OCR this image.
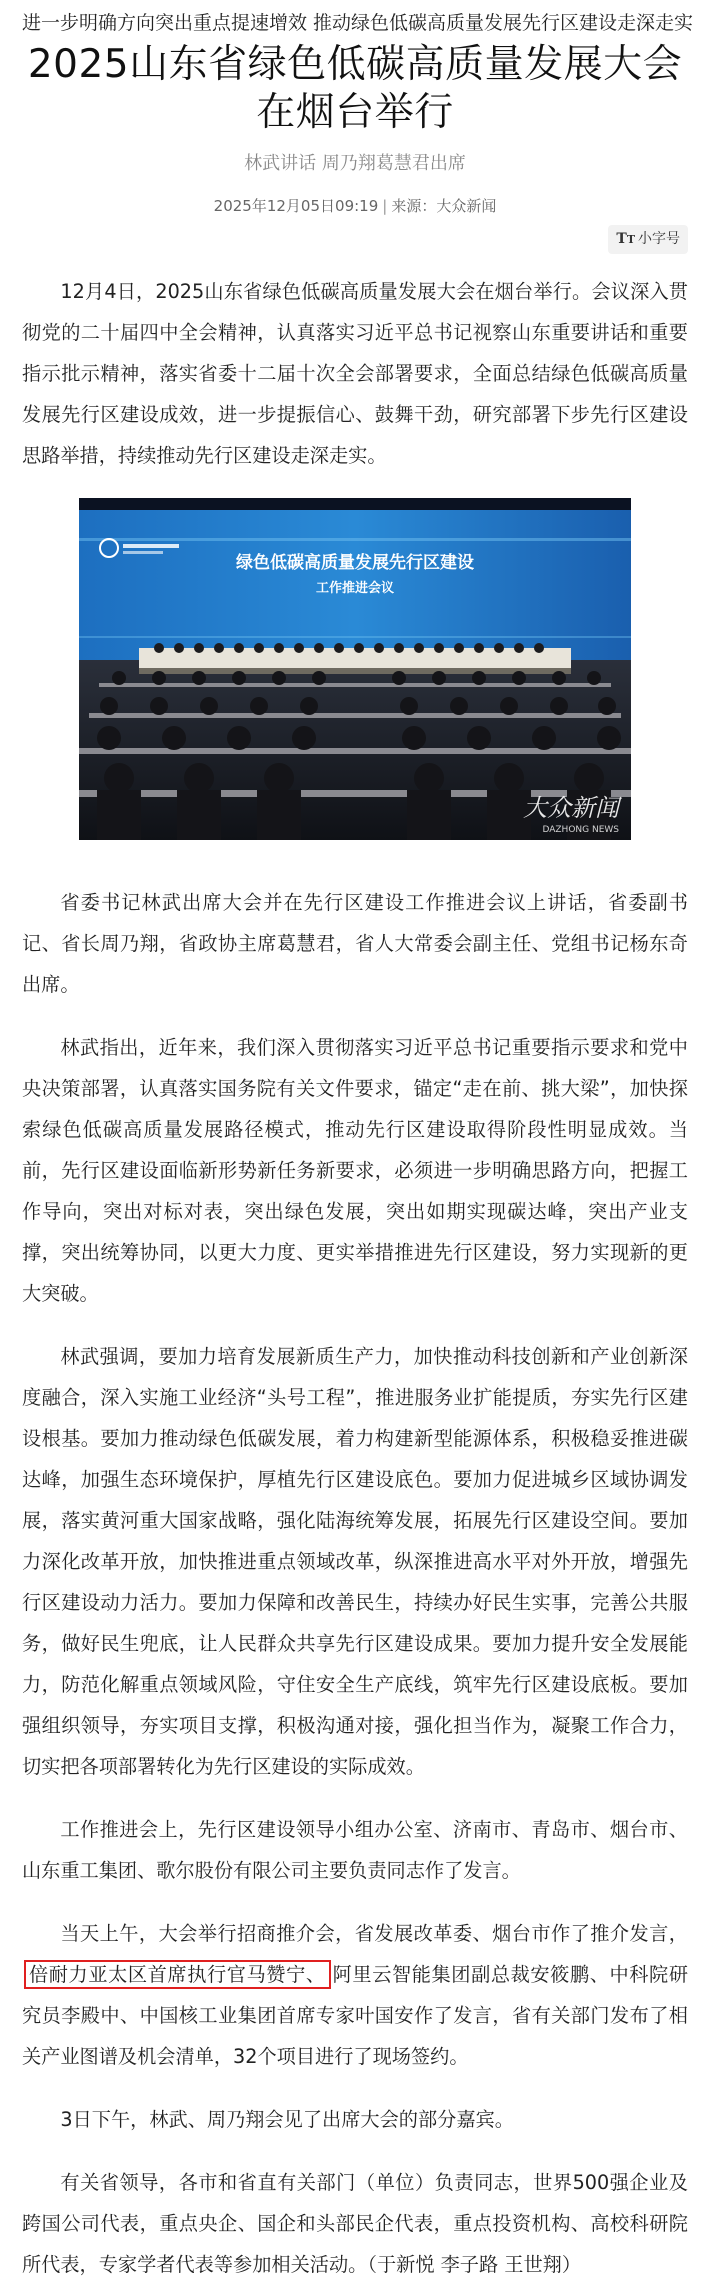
进一步明确方向突出重点提速增效 推动绿色低碳高质量发展先行区建设走深走实
2025山东省绿色低碳高质量发展大会在烟台举行
林武讲话 周乃翔葛慧君出席
2025年12月05日09:19 | 来源：大众新闻
TT 小字号

12月4日，2025山东省绿色低碳高质量发展大会在烟台举行。会议深入贯彻党的二十届四中全会精神，认真落实习近平总书记视察山东重要讲话和重要指示批示精神，落实省委十二届十次全会部署要求，全面总结绿色低碳高质量发展先行区建设成效，进一步提振信心、鼓舞干劲，研究部署下步先行区建设思路举措，持续推动先行区建设走深走实。

绿色低碳高质量发展先行区建设
工作推进会议
大众新闻
DAZHONG NEWS

省委书记林武出席大会并在先行区建设工作推进会议上讲话，省委副书记、省长周乃翔，省政协主席葛慧君，省人大常委会副主任、党组书记杨东奇出席。

林武指出，近年来，我们深入贯彻落实习近平总书记重要指示要求和党中央决策部署，认真落实国务院有关文件要求，锚定“走在前、挑大梁”，加快探索绿色低碳高质量发展路径模式，推动先行区建设取得阶段性明显成效。当前，先行区建设面临新形势新任务新要求，必须进一步明确思路方向，把握工作导向，突出对标对表，突出绿色发展，突出如期实现碳达峰，突出产业支撑，突出统筹协同，以更大力度、更实举措推进先行区建设，努力实现新的更大突破。

林武强调，要加力培育发展新质生产力，加快推动科技创新和产业创新深度融合，深入实施工业经济“头号工程”，推进服务业扩能提质，夯实先行区建设根基。要加力推动绿色低碳发展，着力构建新型能源体系，积极稳妥推进碳达峰，加强生态环境保护，厚植先行区建设底色。要加力促进城乡区域协调发展，落实黄河重大国家战略，强化陆海统筹发展，拓展先行区建设空间。要加力深化改革开放，加快推进重点领域改革，纵深推进高水平对外开放，增强先行区建设动力活力。要加力保障和改善民生，持续办好民生实事，完善公共服务，做好民生兜底，让人民群众共享先行区建设成果。要加力提升安全发展能力，防范化解重点领域风险，守住安全生产底线，筑牢先行区建设底板。要加强组织领导，夯实项目支撑，积极沟通对接，强化担当作为，凝聚工作合力，切实把各项部署转化为先行区建设的实际成效。

工作推进会上，先行区建设领导小组办公室、济南市、青岛市、烟台市、山东重工集团、歌尔股份有限公司主要负责同志作了发言。

当天上午，大会举行招商推介会，省发展改革委、烟台市作了推介发言，倍耐力亚太区首席执行官马赞宁、 阿里云智能集团副总裁安筱鹏、中科院研究员李殿中、中国核工业集团首席专家叶国安作了发言，省有关部门发布了相关产业图谱及机会清单，32个项目进行了现场签约。

3日下午，林武、周乃翔会见了出席大会的部分嘉宾。

有关省领导，各市和省直有关部门（单位）负责同志，世界500强企业及跨国公司代表，重点央企、国企和头部民企代表，重点投资机构、高校科研院所代表，专家学者代表等参加相关活动。（于新悦 李子路 王世翔）
